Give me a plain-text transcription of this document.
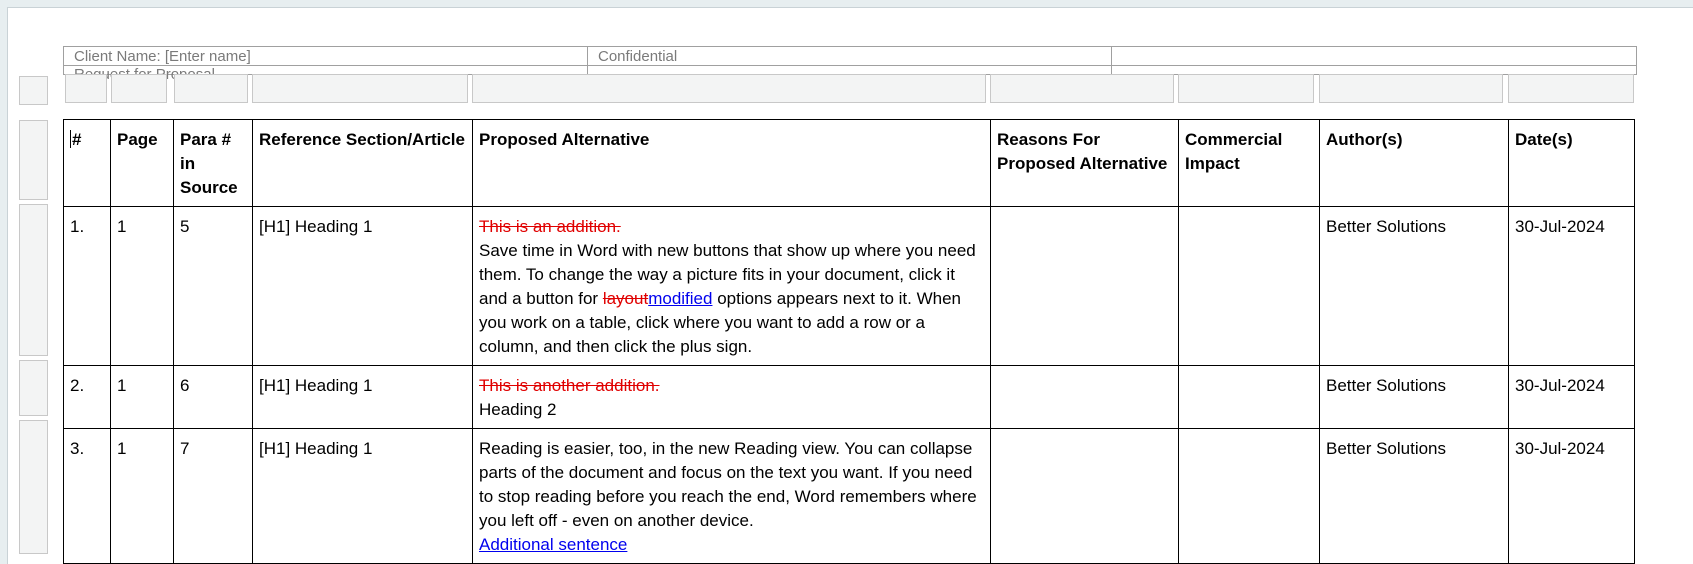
Client Name: [Enter name]	Confidential	

#	Page	Para # in Source	Reference Section/Article	Proposed Alternative	Reasons For Proposed Alternative	Commercial Impact	Author(s)	Date(s)
1.	1	5	[H1] Heading 1	This is an addition.
Save time in Word with new buttons that show up where you need them. To change the way a picture fits in your document, click it and a button for layoutmodified options appears next to it. When you work on a table, click where you want to add a row or a column, and then click the plus sign.			Better Solutions	30-Jul-2024
2.	1	6	[H1] Heading 1	This is another addition.
Heading 2			Better Solutions	30-Jul-2024
3.	1	7	[H1] Heading 1	Reading is easier, too, in the new Reading view. You can collapse parts of the document and focus on the text you want. If you need to stop reading before you reach the end, Word remembers where you left off - even on another device.
Additional sentence			Better Solutions	30-Jul-2024
